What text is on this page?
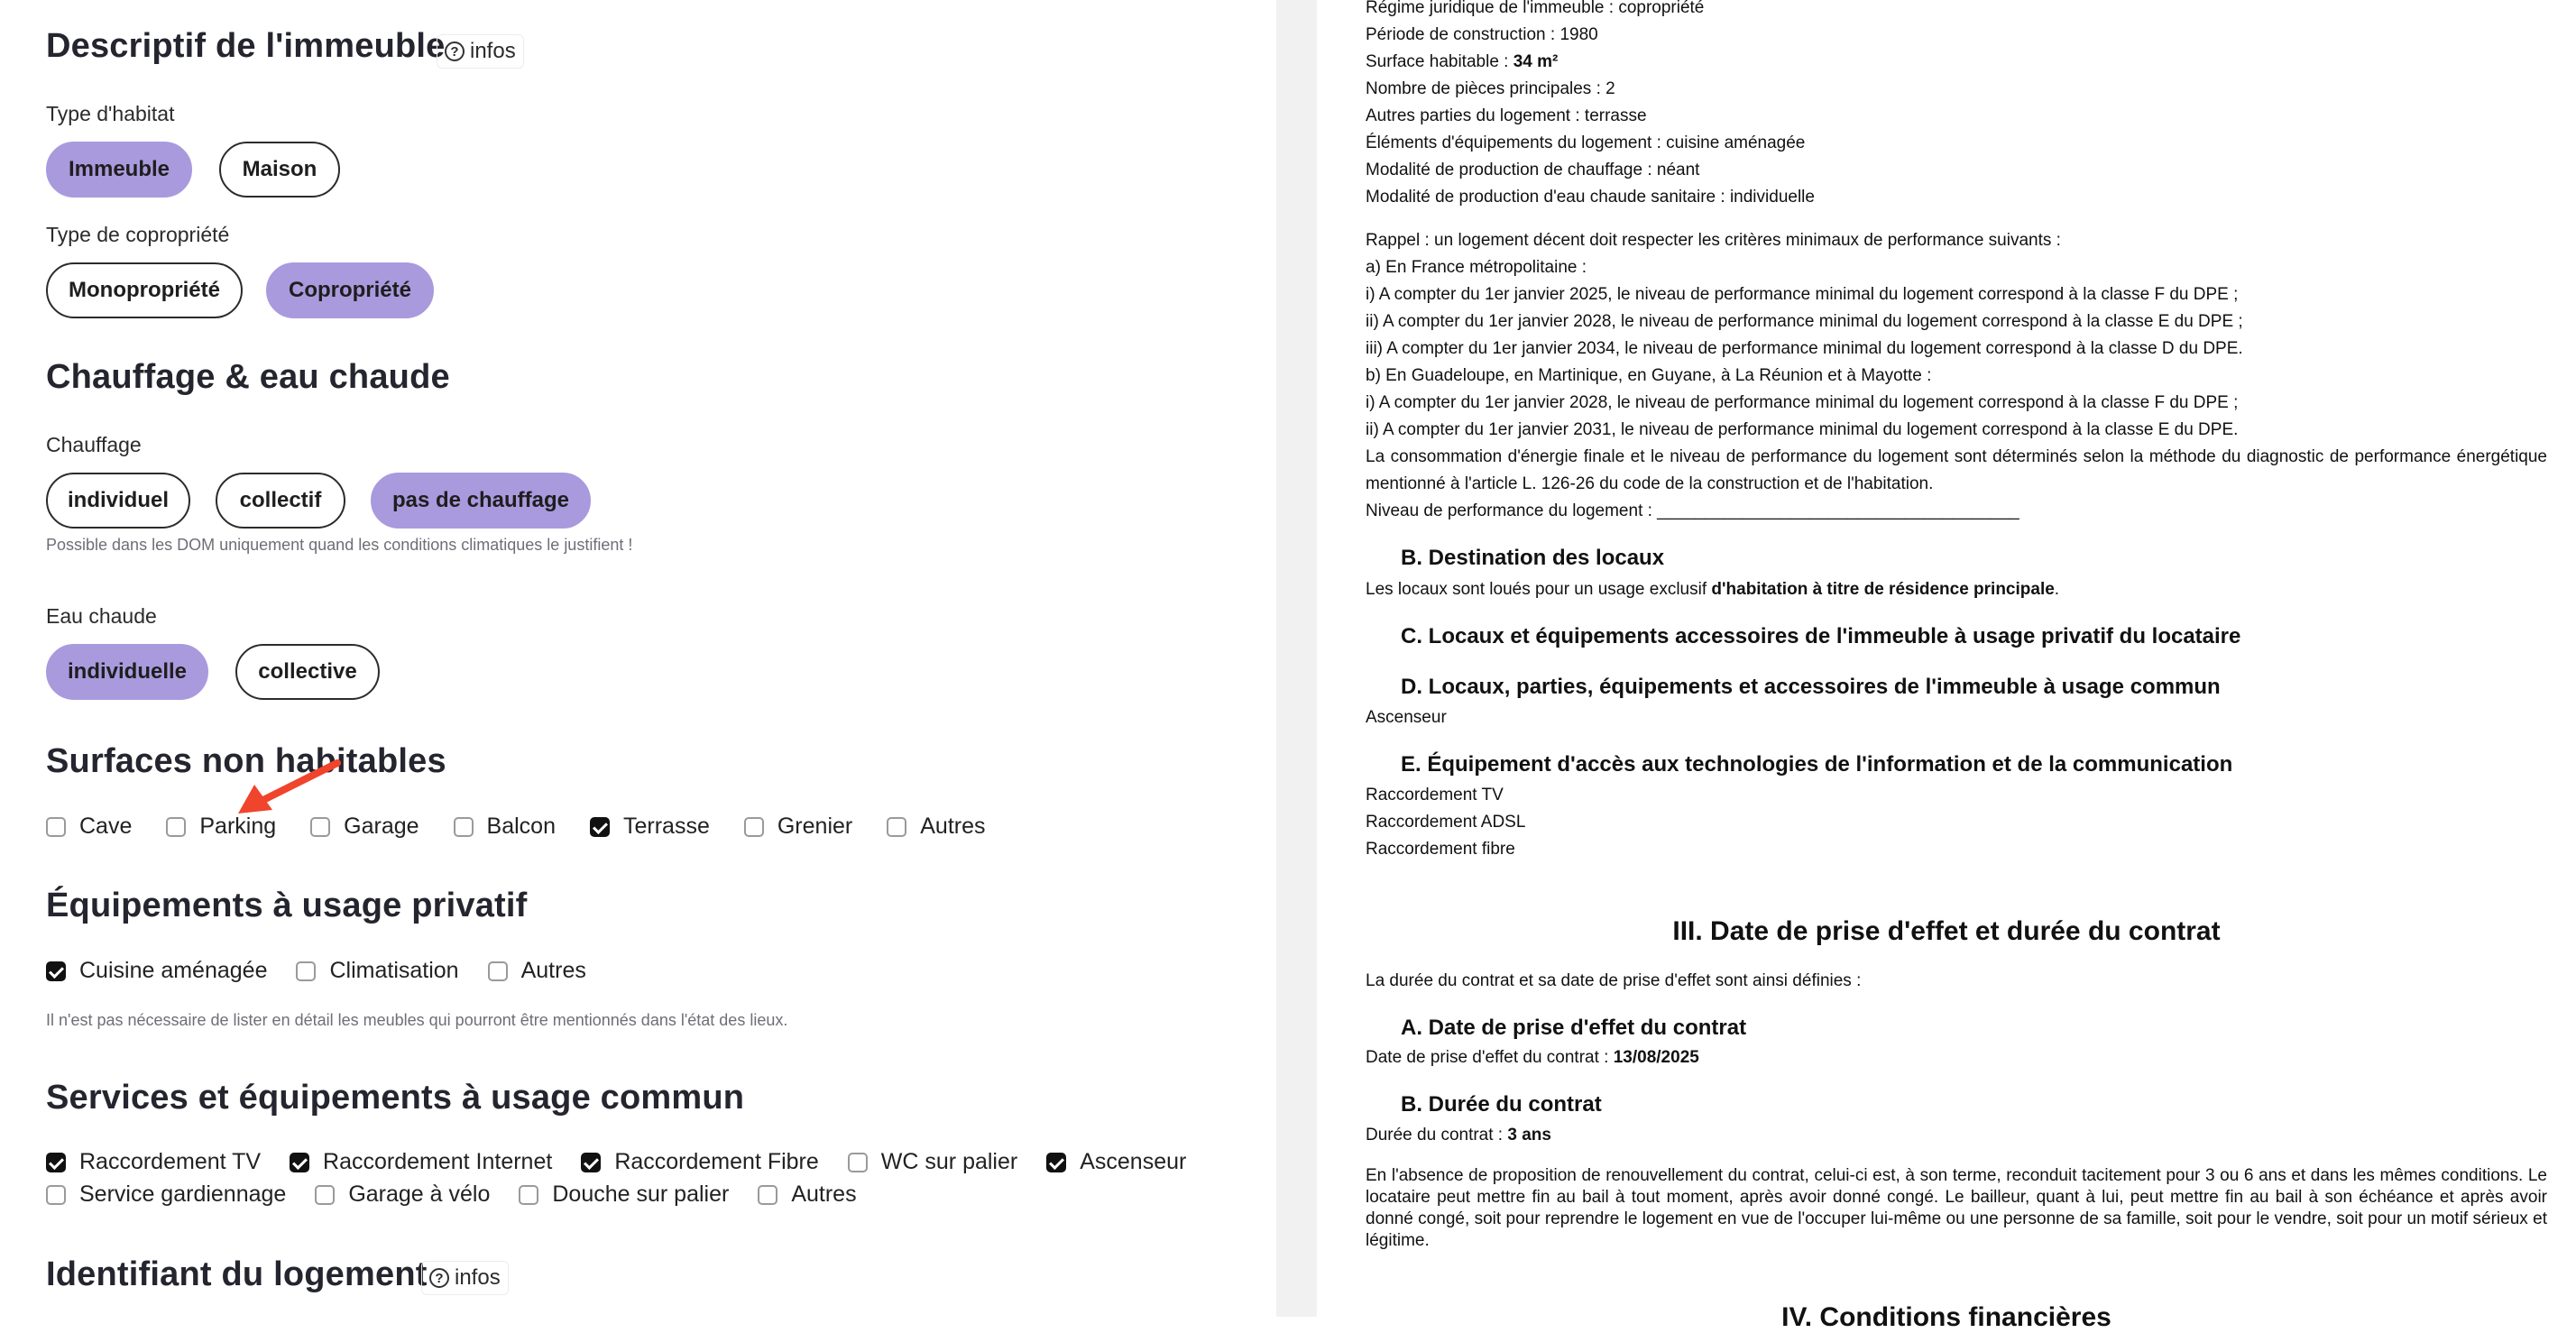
Descriptif de l'immeuble ? infos
Type d'habitat
Immeuble	Maison
Type de copropriété
Monopropriété	Copropriété
Chauffage & eau chaude
Chauffage
individuel	collectif	pas de chauffage
Possible dans les DOM uniquement quand les conditions climatiques le justifient !
Eau chaude
individuelle	collective
Surfaces non habitables
Cave	Parking	Garage	Balcon	Terrasse	Grenier	Autres
Équipements à usage privatif
Cuisine aménagée	Climatisation	Autres
Il n'est pas nécessaire de lister en détail les meubles qui pourront être mentionnés dans l'état des lieux.
Services et équipements à usage commun
Raccordement TV	Raccordement Internet	Raccordement Fibre	WC sur palier	Ascenseur
Service gardiennage	Garage à vélo	Douche sur palier	Autres
Identifiant du logement ? infos
Régime juridique de l'immeuble : copropriété
Période de construction : 1980
Surface habitable : 34 m²
Nombre de pièces principales : 2
Autres parties du logement : terrasse
Éléments d'équipements du logement : cuisine aménagée
Modalité de production de chauffage : néant
Modalité de production d'eau chaude sanitaire : individuelle
Rappel : un logement décent doit respecter les critères minimaux de performance suivants :
a) En France métropolitaine :
i) A compter du 1er janvier 2025, le niveau de performance minimal du logement correspond à la classe F du DPE ;
ii) A compter du 1er janvier 2028, le niveau de performance minimal du logement correspond à la classe E du DPE ;
iii) A compter du 1er janvier 2034, le niveau de performance minimal du logement correspond à la classe D du DPE.
b) En Guadeloupe, en Martinique, en Guyane, à La Réunion et à Mayotte :
i) A compter du 1er janvier 2028, le niveau de performance minimal du logement correspond à la classe F du DPE ;
ii) A compter du 1er janvier 2031, le niveau de performance minimal du logement correspond à la classe E du DPE.
La consommation d'énergie finale et le niveau de performance du logement sont déterminés selon la méthode du diagnostic de performance énergétique mentionné à l'article L. 126-26 du code de la construction et de l'habitation.
Niveau de performance du logement : ______________________________________
B. Destination des locaux
Les locaux sont loués pour un usage exclusif d'habitation à titre de résidence principale.
C. Locaux et équipements accessoires de l'immeuble à usage privatif du locataire
D. Locaux, parties, équipements et accessoires de l'immeuble à usage commun
Ascenseur
E. Équipement d'accès aux technologies de l'information et de la communication
Raccordement TV
Raccordement ADSL
Raccordement fibre
III. Date de prise d'effet et durée du contrat
La durée du contrat et sa date de prise d'effet sont ainsi définies :
A. Date de prise d'effet du contrat
Date de prise d'effet du contrat : 13/08/2025
B. Durée du contrat
Durée du contrat : 3 ans
En l'absence de proposition de renouvellement du contrat, celui-ci est, à son terme, reconduit tacitement pour 3 ou 6 ans et dans les mêmes conditions. Le locataire peut mettre fin au bail à tout moment, après avoir donné congé. Le bailleur, quant à lui, peut mettre fin au bail à son échéance et après avoir donné congé, soit pour reprendre le logement en vue de l'occuper lui-même ou une personne de sa famille, soit pour le vendre, soit pour un motif sérieux et légitime.
IV. Conditions financières
